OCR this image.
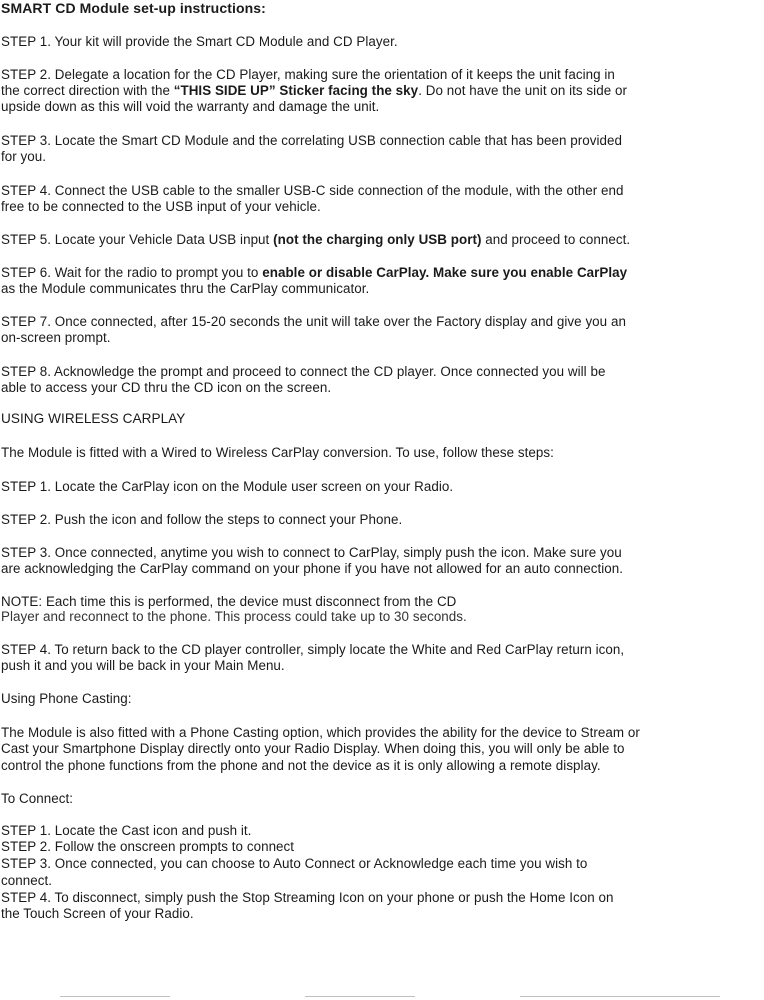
SMART CD Module set-up instructions:
STEP 1. Your kit will provide the Smart CD Module and CD Player.
STEP 2. Delegate a location for the CD Player, making sure the orientation of it keeps the unit facing in
the correct direction with the “THIS SIDE UP” Sticker facing the sky. Do not have the unit on its side or
upside down as this will void the warranty and damage the unit.
STEP 3. Locate the Smart CD Module and the correlating USB connection cable that has been provided
for you.
STEP 4. Connect the USB cable to the smaller USB-C side connection of the module, with the other end
free to be connected to the USB input of your vehicle.
STEP 5. Locate your Vehicle Data USB input (not the charging only USB port) and proceed to connect.
STEP 6. Wait for the radio to prompt you to enable or disable CarPlay. Make sure you enable CarPlay
as the Module communicates thru the CarPlay communicator.
STEP 7. Once connected, after 15-20 seconds the unit will take over the Factory display and give you an
on-screen prompt.
STEP 8. Acknowledge the prompt and proceed to connect the CD player. Once connected you will be
able to access your CD thru the CD icon on the screen.
USING WIRELESS CARPLAY
The Module is fitted with a Wired to Wireless CarPlay conversion. To use, follow these steps:
STEP 1. Locate the CarPlay icon on the Module user screen on your Radio.
STEP 2. Push the icon and follow the steps to connect your Phone.
STEP 3. Once connected, anytime you wish to connect to CarPlay, simply push the icon. Make sure you
are acknowledging the CarPlay command on your phone if you have not allowed for an auto connection.
NOTE: Each time this is performed, the device must disconnect from the CD
Player and reconnect to the phone. This process could take up to 30 seconds.
STEP 4. To return back to the CD player controller, simply locate the White and Red CarPlay return icon,
push it and you will be back in your Main Menu.
Using Phone Casting:
The Module is also fitted with a Phone Casting option, which provides the ability for the device to Stream or
Cast your Smartphone Display directly onto your Radio Display. When doing this, you will only be able to
control the phone functions from the phone and not the device as it is only allowing a remote display.
To Connect:
STEP 1. Locate the Cast icon and push it.
STEP 2. Follow the onscreen prompts to connect
STEP 3. Once connected, you can choose to Auto Connect or Acknowledge each time you wish to
connect.
STEP 4. To disconnect, simply push the Stop Streaming Icon on your phone or push the Home Icon on
the Touch Screen of your Radio.
